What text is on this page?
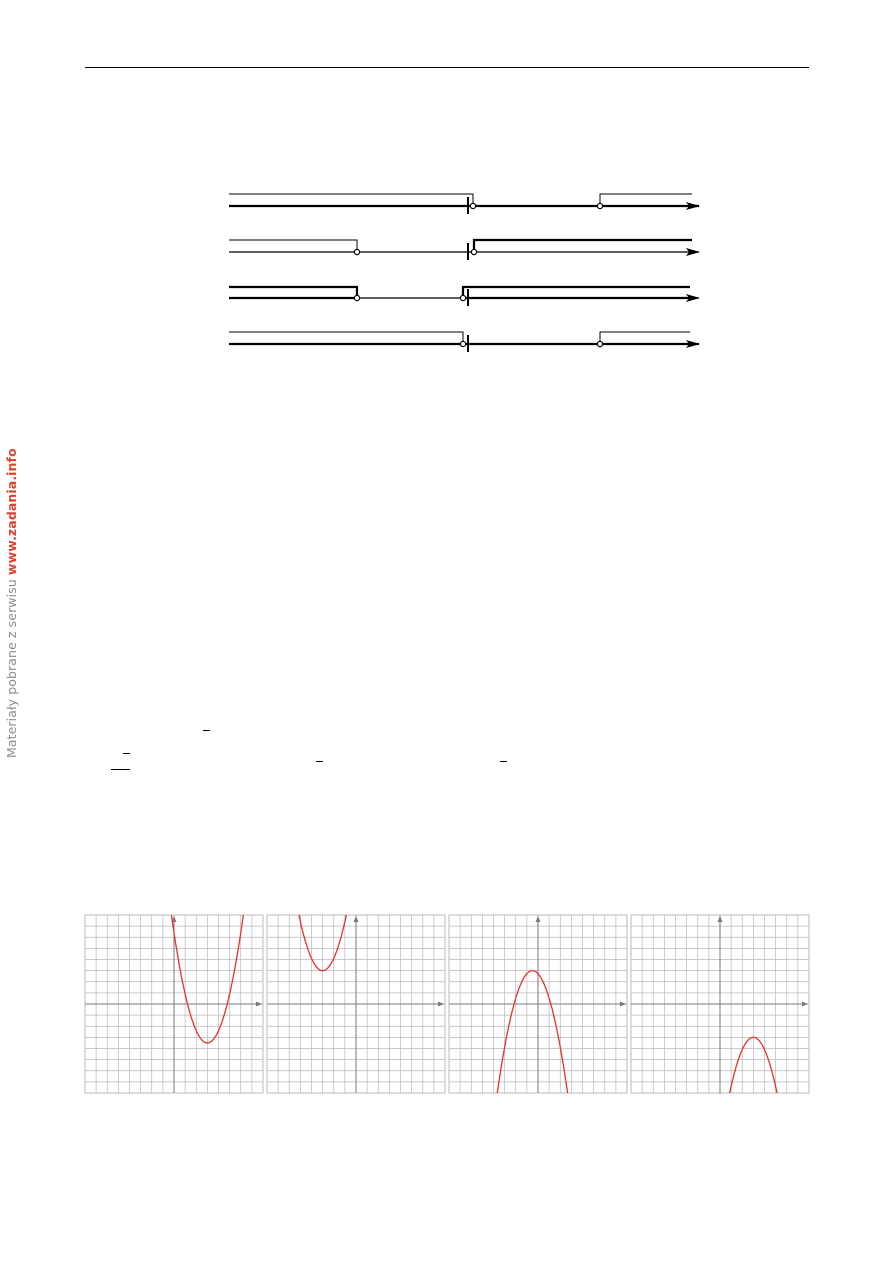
Materiały pobrane z serwisu www.zadania.info
